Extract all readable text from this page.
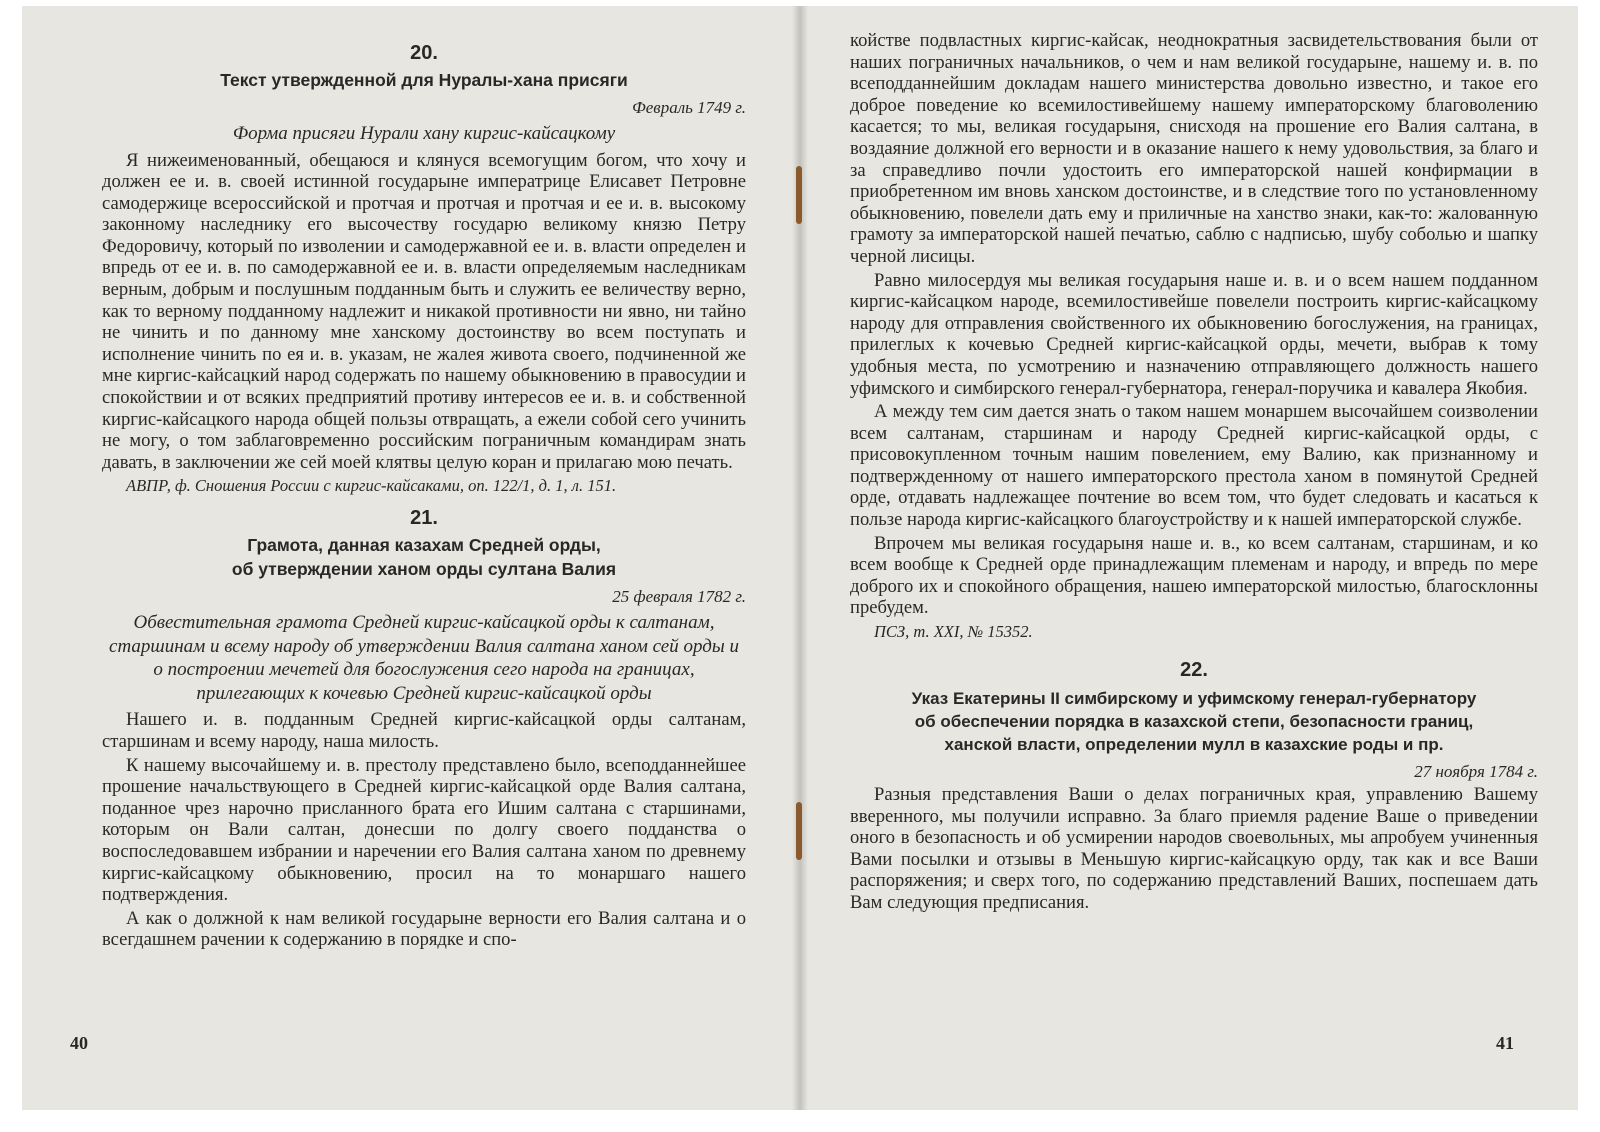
20.

Текст утвержденной для Нуралы-хана присяги

Февраль 1749 г.

Форма присяги Нурали хану киргис-кайсацкому

Я нижеименованный, обещаюся и клянуся всемогущим богом, что хочу и должен ее и. в. своей истинной государыне императрице Елисавет Петровне самодержице всероссийской и протчая и протчая и протчая и ее и. в. высокому законному наследнику его высочеству государю великому князю Петру Федоровичу, который по изволении и самодержавной ее и. в. власти определен и впредь от ее и. в. по самодержавной ее и. в. власти определяемым наследникам верным, добрым и послушным подданным быть и служить ее величеству верно, как то верному подданному надлежит и никакой противности ни явно, ни тайно не чинить и по данному мне ханскому достоинству во всем поступать и исполнение чинить по ея и. в. указам, не жалея живота своего, подчиненной же мне киргис-кайсацкий народ содержать по нашему обыкновению в правосудии и спокойствии и от всяких предприятий противу интересов ее и. в. и собственной киргис-кайсацкого народа общей пользы отвращать, а ежели собой сего учинить не могу, о том заблаговременно российским пограничным командирам знать давать, в заключении же сей моей клятвы целую коран и прилагаю мою печать.

АВПР, ф. Сношения России с киргис-кайсаками, оп. 122/1, д. 1, л. 151.

21.

Грамота, данная казахам Средней орды,

об утверждении ханом орды султана Валия

25 февраля 1782 г.

Обвестительная грамота Средней киргис-кайсацкой орды к салтанам, старшинам и всему народу об утверждении Валия салтана ханом сей орды и о построении мечетей для богослужения сего народа на границах, прилегающих к кочевью Средней киргис-кайсацкой орды

Нашего и. в. подданным Средней киргис-кайсацкой орды салтанам, старшинам и всему народу, наша милость.

К нашему высочайшему и. в. престолу представлено было, всеподданнейшее прошение начальствующего в Средней киргис-кайсацкой орде Валия салтана, поданное чрез нарочно присланного брата его Ишим салтана с старшинами, которым он Вали салтан, донесши по долгу своего подданства о воспоследовавшем избрании и наречении его Валия салтана ханом по древнему киргис-кайсацкому обыкновению, просил на то монаршаго нашего подтверждения.

А как о должной к нам великой государыне верности его Валия салтана и о всегдашнем рачении к содержанию в порядке и спо-

40

койстве подвластных киргис-кайсак, неоднократныя засвидетельствования были от наших пограничных начальников, о чем и нам великой государыне, нашему и. в. по всеподданнейшим докладам нашего министерства довольно известно, и такое его доброе поведение ко всемилостивейшему нашему императорскому благоволению касается; то мы, великая государыня, снисходя на прошение его Валия салтана, в воздаяние должной его верности и в оказание нашего к нему удовольствия, за благо и за справедливо почли удостоить его императорской нашей конфирмации в приобретенном им вновь ханском достоинстве, и в следствие того по установленному обыкновению, повелели дать ему и приличные на ханство знаки, как-то: жалованную грамоту за императорской нашей печатью, саблю с надписью, шубу соболью и шапку черной лисицы.

Равно милосердуя мы великая государыня наше и. в. и о всем нашем подданном киргис-кайсацком народе, всемилостивейше повелели построить киргис-кайсацкому народу для отправления свойственного их обыкновению богослужения, на границах, прилеглых к кочевью Средней киргис-кайсацкой орды, мечети, выбрав к тому удобныя места, по усмотрению и назначению отправляющего должность нашего уфимского и симбирского генерал-губернатора, генерал-поручика и кавалера Якобия.

А между тем сим дается знать о таком нашем монаршем высочайшем соизволении всем салтанам, старшинам и народу Средней киргис-кайсацкой орды, с присовокупленном точным нашим повелением, ему Валию, как признанному и подтвержденному от нашего императорского престола ханом в помянутой Средней орде, отдавать надлежащее почтение во всем том, что будет следовать и касаться к пользе народа киргис-кайсацкого благоустройству и к нашей императорской службе.

Впрочем мы великая государыня наше и. в., ко всем салтанам, старшинам, и ко всем вообще к Средней орде принадлежащим племенам и народу, и впредь по мере доброго их и спокойного обращения, нашею императорской милостью, благосклонны пребудем.

ПСЗ, т. XXI, № 15352.

22.

Указ Екатерины II симбирскому и уфимскому генерал-губернатору

об обеспечении порядка в казахской степи, безопасности границ,

ханской власти, определении мулл в казахские роды и пр.

27 ноября 1784 г.

Разныя представления Ваши о делах пограничных края, управлению Вашему вверенного, мы получили исправно. За благо приемля радение Ваше о приведении оного в безопасность и об усмирении народов своевольных, мы апробуем учиненныя Вами посылки и отзывы в Меньшую киргис-кайсацкую орду, так как и все Ваши распоряжения; и сверх того, по содержанию представлений Ваших, поспешаем дать Вам следующия предписания.

41
